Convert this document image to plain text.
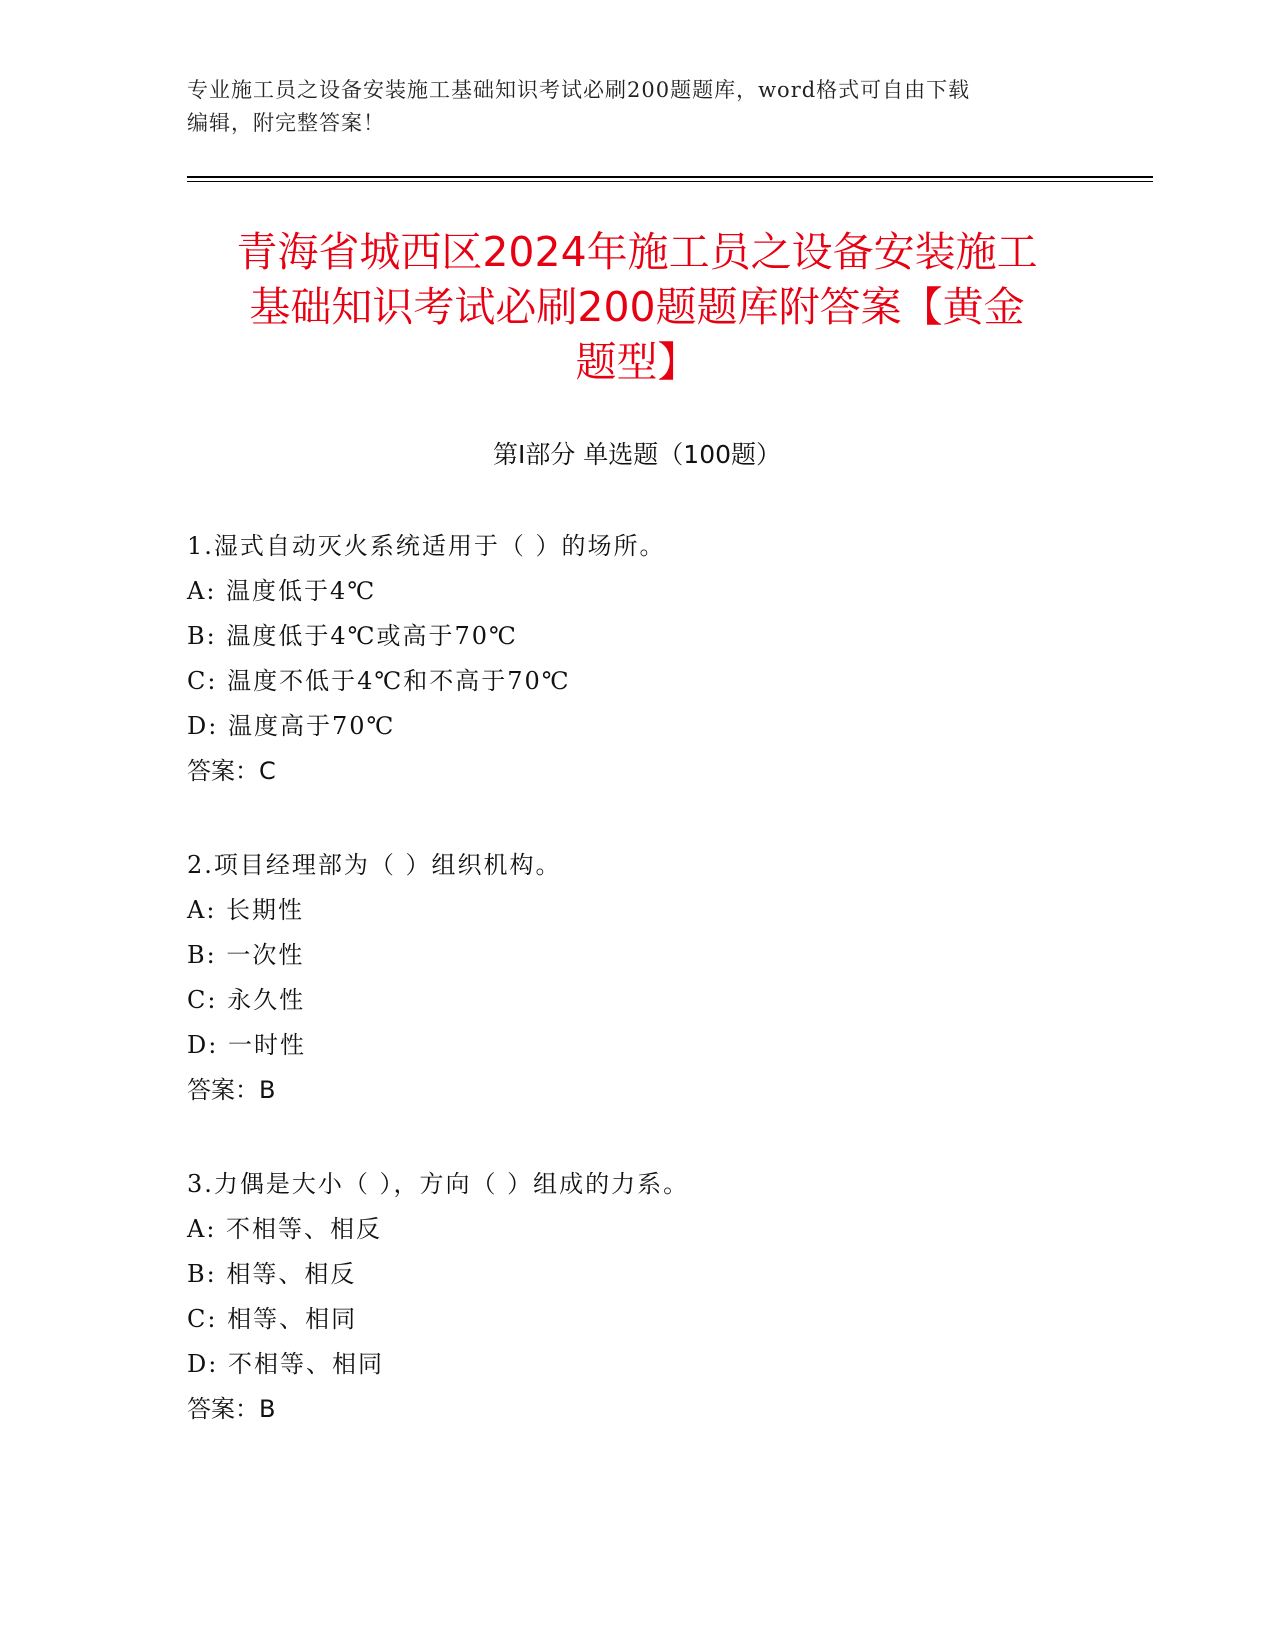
专业施工员之设备安装施工基础知识考试必刷200题题库，word格式可自由下载
编辑，附完整答案！
青海省城西区2024年施工员之设备安装施工
基础知识考试必刷200题题库附答案【黄金
题型】
第I部分 单选题（100题）
1.湿式自动灭火系统适用于（ ）的场所。
A: 温度低于4℃
B: 温度低于4℃或高于70℃
C: 温度不低于4℃和不高于70℃
D: 温度高于70℃
答案：C
2.项目经理部为（ ）组织机构。
A: 长期性
B: 一次性
C: 永久性
D: 一时性
答案：B
3.力偶是大小（ ），方向（ ）组成的力系。
A: 不相等、相反
B: 相等、相反
C: 相等、相同
D: 不相等、相同
答案：B
